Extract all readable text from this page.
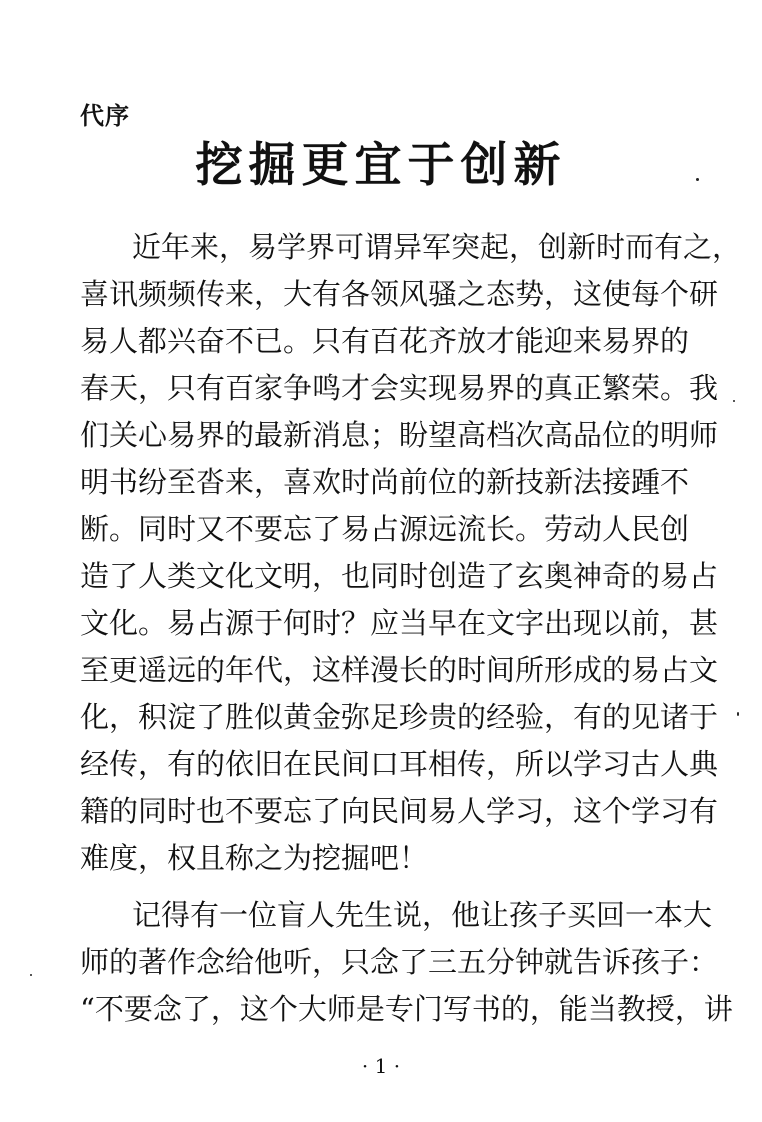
代序
挖掘更宜于创新
近年来，易学界可谓异军突起，创新时而有之，
喜讯频频传来，大有各领风骚之态势，这使每个研
易人都兴奋不已。只有百花齐放才能迎来易界的
春天，只有百家争鸣才会实现易界的真正繁荣。我
们关心易界的最新消息；盼望高档次高品位的明师
明书纷至沓来，喜欢时尚前位的新技新法接踵不
断。同时又不要忘了易占源远流长。劳动人民创
造了人类文化文明，也同时创造了玄奥神奇的易占
文化。易占源于何时？应当早在文字出现以前，甚
至更遥远的年代，这样漫长的时间所形成的易占文
化，积淀了胜似黄金弥足珍贵的经验，有的见诸于
经传，有的依旧在民间口耳相传，所以学习古人典
籍的同时也不要忘了向民间易人学习，这个学习有
难度，权且称之为挖掘吧！
记得有一位盲人先生说，他让孩子买回一本大
师的著作念给他听，只念了三五分钟就告诉孩子：
“不要念了，这个大师是专门写书的，能当教授，讲
· 1 ·
